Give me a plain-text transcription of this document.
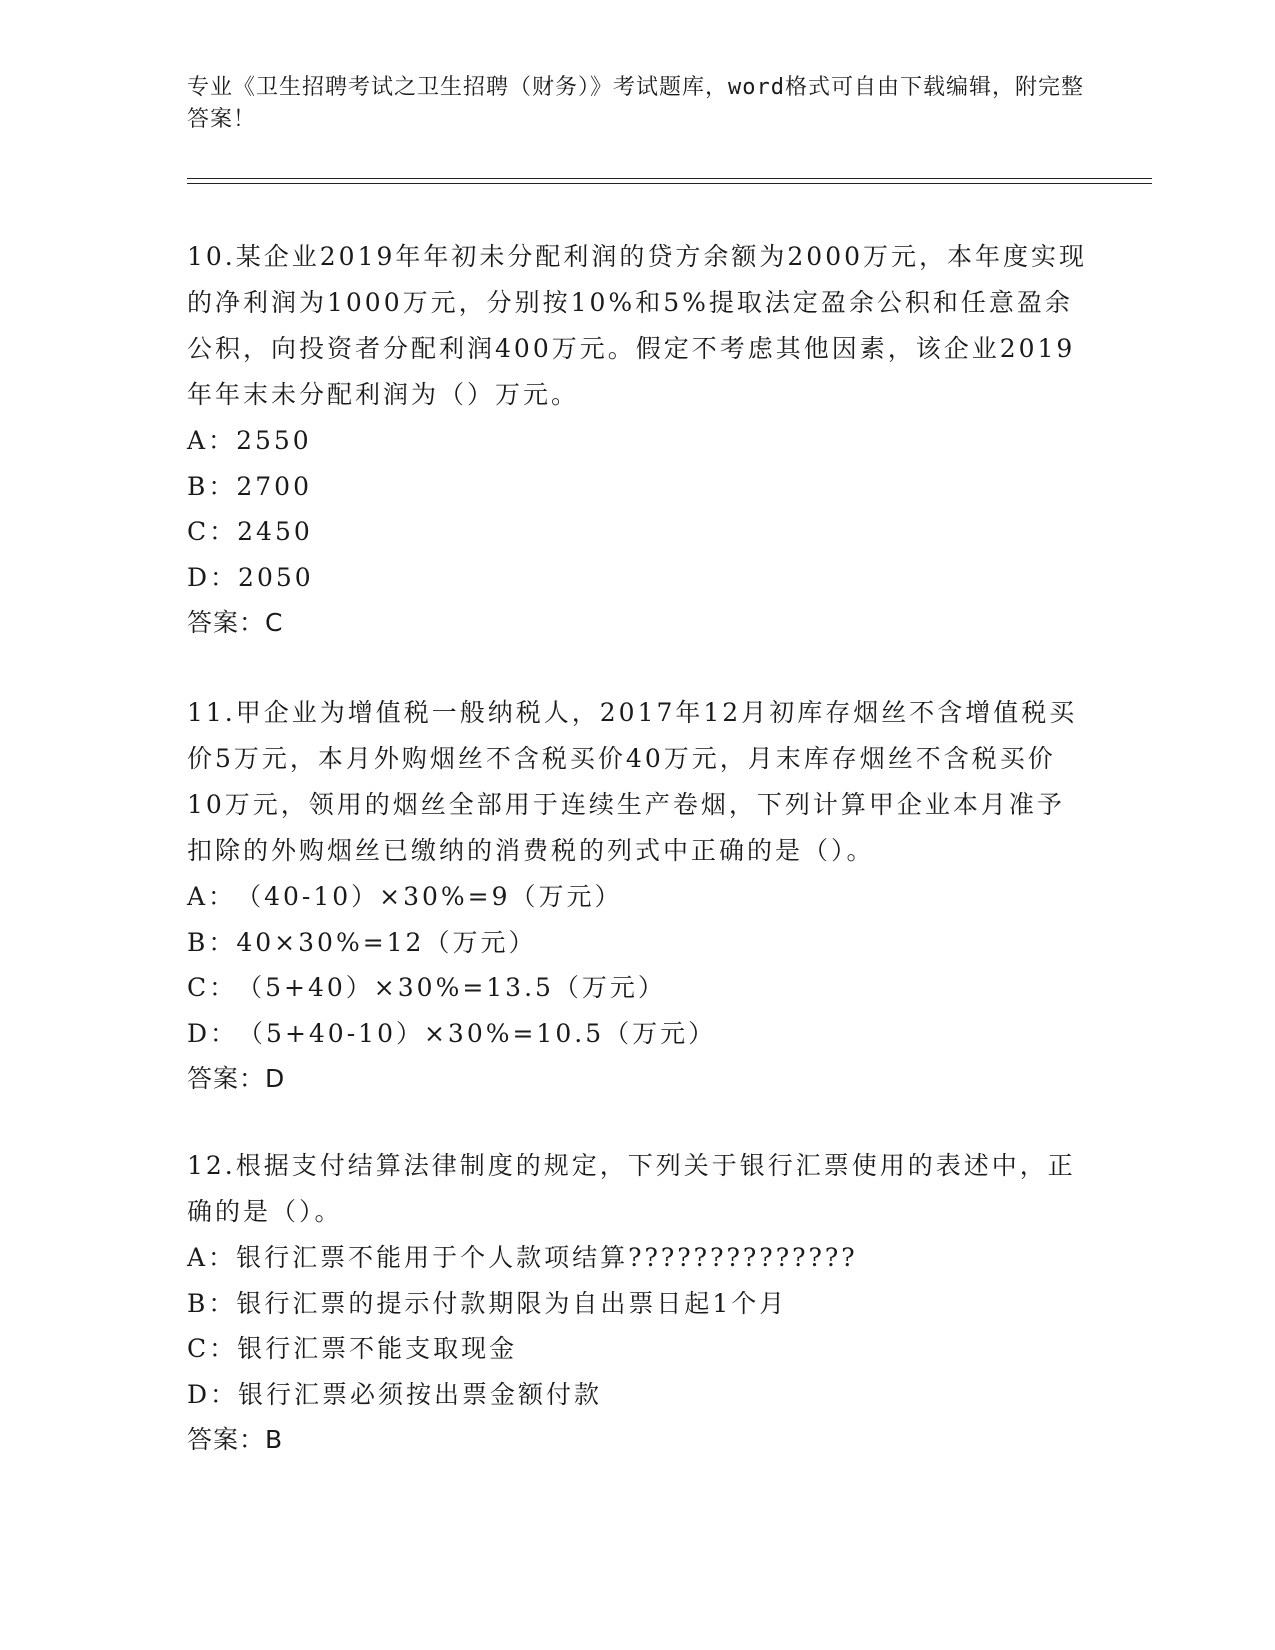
专业《卫生招聘考试之卫生招聘（财务）》考试题库，word格式可自由下载编辑，附完整答案！

10.某企业2019年年初未分配利润的贷方余额为2000万元，本年度实现的净利润为1000万元，分别按10%和5%提取法定盈余公积和任意盈余公积，向投资者分配利润400万元。假定不考虑其他因素，该企业2019年年末未分配利润为（）万元。

A：2550

B：2700

C：2450

D：2050

答案：C

11.甲企业为增值税一般纳税人，2017年12月初库存烟丝不含增值税买价5万元，本月外购烟丝不含税买价40万元，月末库存烟丝不含税买价10万元，领用的烟丝全部用于连续生产卷烟，下列计算甲企业本月准予扣除的外购烟丝已缴纳的消费税的列式中正确的是（）。

A：（40-10）×30%=9（万元）

B：40×30%=12（万元）

C：（5+40）×30%=13.5（万元）

D：（5+40-10）×30%=10.5（万元）

答案：D

12.根据支付结算法律制度的规定，下列关于银行汇票使用的表述中，正确的是（）。

A：银行汇票不能用于个人款项结算??????????????

B：银行汇票的提示付款期限为自出票日起1个月

C：银行汇票不能支取现金

D：银行汇票必须按出票金额付款

答案：B
